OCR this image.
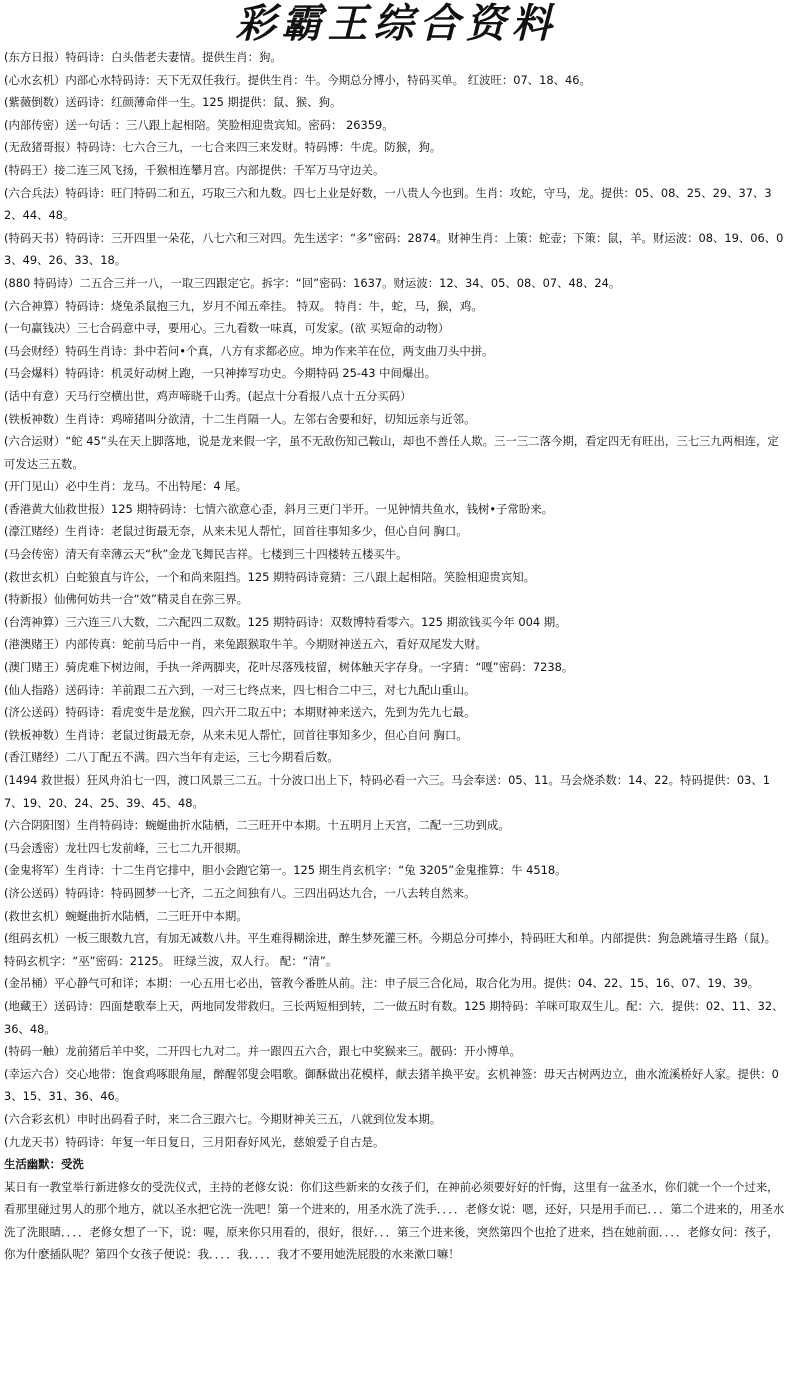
彩霸王综合资料
(东方日报）特码诗：白头偕老夫妻情。提供生肖：狗。
(心水玄机）内部心水特码诗：天下无双任我行。提供生肖：牛。今期总分博小，特码买单。 红波旺：07、18、46。
(紫薇倒数）送码诗：红颜薄命伴一生。125 期提供：鼠、猴、狗。
(内部传密）送一句话 ：三八跟上起相陪。笑脸相迎贵宾知。密码： 26359。
(无敌猪哥报）特码诗：七六合三九，一七合来四三来发财。特码博：牛虎。防猴，狗。
(特码王）接二连三风飞扬，千猴相连攀月宫。内部提供：千军万马守边关。
(六合兵法）特码诗：旺门特码二和五，巧取三六和九数。四七上业是好数，一八贵人今也到。生肖：攻蛇，守马，龙。提供：05、08、25、29、37、32、44、48。
(特码天书）特码诗：三开四里一朵花，八七六和三对四。先生送字：“多”密码：2874。财神生肖：上策：蛇壶；下策：鼠，羊。财运波：08、19、06、03、49、26、33、18。
(880 特码诗）二五合三并一八，一取三四跟定它。拆字：“回”密码：1637。财运波：12、34、05、08、07、48、24。
(六合神算）特码诗：烧兔杀鼠抱三九，岁月不闻五牵挂。 特双。 特肖：牛，蛇，马，猴，鸡。
(一句赢钱决）三七合码意中寻，要用心。三九看数一味真，可发家。(欲 买短命的动物）
(马会财经）特码生肖诗：卦中若问•个真，八方有求都必应。坤为作来羊在位，两支曲刀头中拼。
(马会爆料）特码诗：机灵好动树上跑，一只神捧写功史。今期特码 25-43 中间爆出。
(话中有意）天马行空横出世，鸡声啼晓千山秀。(起点十分看报八点十五分买码）
(铁板神数）生肖诗：鸡啼猪叫分欲清，十二生肖隔一人。左邻右舍要和好，切知远亲与近邻。
(六合运财）“蛇 45”头在天上脚落地，说是龙来假一字，虽不无敌伤知己鞍山，却也不善任人欺。三一三二落今期，看定四无有旺出，三七三九两相连，定可发达三五数。
(开门见山）必中生肖：龙马。不出特尾：4 尾。
(香港黄大仙救世报）125 期特码诗：七情六欲意心歪，斜月三更门半开。一见钟情共鱼水，钱树•子常盼来。
(濠江赌经）生肖诗：老鼠过街最无奈，从来未见人帮忙，回首往事知多少，但心自问 胸口。
(马会传密）清天有幸薄云天“秋”金龙飞舞民吉祥。七楼到三十四楼转五楼买牛。
(救世玄机）白蛇狼直与许公，一个和尚来阻挡。125 期特码诗竟猜：三八跟上起相陪。笑脸相迎贵宾知。
(特新报）仙佛何妨共一合“效”精灵自在弥三界。
(台湾神算）三六连三八大数，二六配四二双数。125 期特码诗：双数博特看零六。125 期欲钱买今年 004 期。
(港澳赌王）内部传真：蛇前马后中一肖，来兔跟猴取牛羊。今期财神送五六，看好双尾发大财。
(澳门赌王）骑虎难下树边闹，手执一斧两脚夹，花叶尽落残枝留，树体触天字存身。一字猜：“嘎”密码：7238。
(仙人指路）送码诗：羊前跟二五六到，一对三七终点来，四七相合二中三，对七九配山重山。
(济公送码）特码诗：看虎变牛是龙猴，四六开二取五中；本期财神来送六，先到为先九七最。
(铁板神数）生肖诗：老鼠过街最无奈，从来未见人帮忙，回首往事知多少，但心自问 胸口。
(香江赌经）二八丁配五不满。四六当年有走运，三七今期看后数。
(1494 救世报）狂风舟泊七一四，渡口风景三二五。十分波口出上下，特码必看一六三。马会奉送：05、11。马会烧杀数：14、22。特码提供：03、17、19、20、24、25、39、45、48。
(六合阴阳图）生肖特码诗：蜿蜒曲折水陆栖，二三旺开中本期。十五明月上天宫，二配一三功到成。
(马会透密）龙壮四七发前峰，三七二九开很期。
(金鬼将军）生肖诗：十二生肖它排中，胆小会跑它第一。125 期生肖玄机字：“兔 3205”金鬼推算：牛 4518。
(济公送码）特码诗：特码圆梦一七齐，二五之间独有八。三四出码达九合，一八去转自然来。
(救世玄机）蜿蜒曲折水陆栖，二三旺开中本期。
(组码玄机）一板三眼数九宫，有加无减数八井。平生难得糊涂进，醉生梦死灌三杯。今期总分可捧小，特码旺大和单。内部提供：狗急跳墙寻生路（鼠)。特码玄机字：“巫”密码：2125。 旺绿兰波，双人行。 配：“清”。
(金吊桶）平心静气可和详；本期：一心五用七必出，管教今番胜从前。注：申子辰三合化局，取合化为用。提供：04、22、15、16、07、19、39。
(地藏王）送码诗：四面楚歌奉上天，两地同发带救归。三长两短相到转，二一做五时有数。125 期特码：羊咪可取双生儿。配：六．提供：02、11、32、36、48。
(特码一触）龙前猪后羊中奖，二开四七九对二。并一跟四五六合，跟七中奖猴来三。靓码：开小博单。
(幸运六合）交心地带：饱食鸡啄眼角屋，醉醒邻叟会唱歌。御酥做出花模样，献去猪羊换平安。玄机神签：毋天古树两边立，曲水流溪桥好人家。提供：03、15、31、36、46。
(六合彩玄机）申时出码看子时，来二合三跟六七。今期财神关三五，八就到位发本期。
(九龙天书）特码诗：年复一年日复日，三月阳春好风光，慈娘爱子自古是。
生活幽默：受洗
某日有一教堂举行新进修女的受洗仪式，主持的老修女说：你们这些新来的女孩子们，在神前必须要好好的忏悔，这里有一盆圣水，你们就一个一个过来，看那里碰过男人的那个地方，就以圣水把它洗一洗吧！第一个进来的，用圣水洗了洗手．．．．老修女说：嗯，还好，只是用手而已．．．第二个进来的，用圣水洗了洗眼睛．．．．老修女想了一下，说：喔，原来你只用看的，很好，很好．．．第三个进来後，突然第四个也抢了进来，挡在她前面．．．．老修女问：孩子，你为什麽插队呢？第四个女孩子便说：我．．．．我．．．．我才不要用她洗屁股的水来漱口嘛！
